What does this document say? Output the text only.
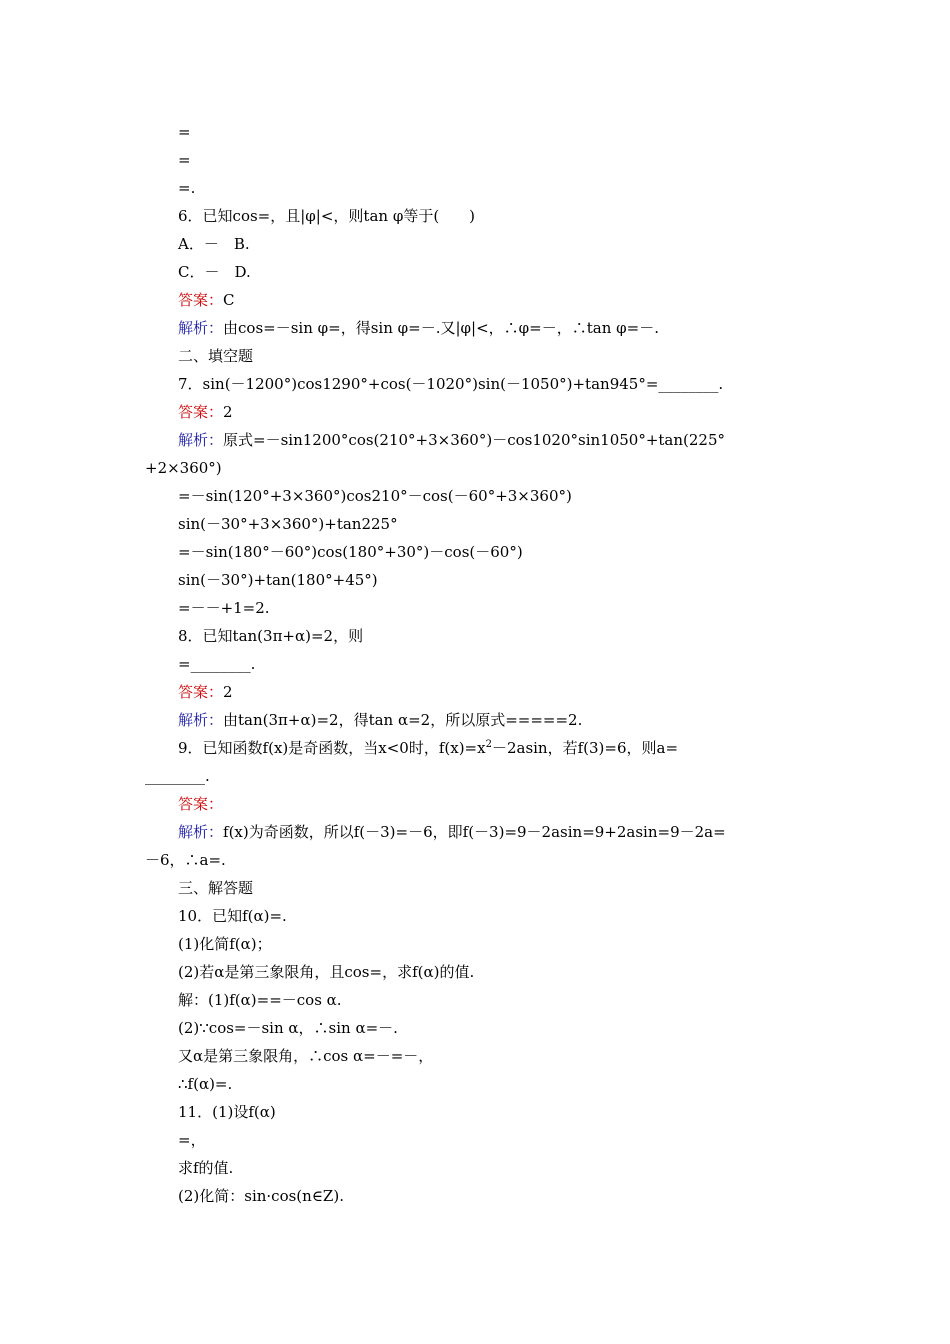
=
=
=.
6．已知cos=，且|φ|<，则tan φ等于(　　)
A．－　B.
C．－　D.
答案：C
解析：由cos=－sin φ=，得sin φ=－.又|φ|<，∴φ=－，∴tan φ=－.
二、填空题
7．sin(－1200°)cos1290°+cos(－1020°)sin(－1050°)+tan945°=________.
答案：2
解析：原式=－sin1200°cos(210°+3×360°)－cos1020°sin1050°+tan(225°
+2×360°)
=－sin(120°+3×360°)cos210°－cos(－60°+3×360°)
sin(－30°+3×360°)+tan225°
=－sin(180°－60°)cos(180°+30°)－cos(－60°)
sin(－30°)+tan(180°+45°)
=－－+1=2.
8．已知tan(3π+α)=2，则
=________.
答案：2
解析：由tan(3π+α)=2，得tan α=2，所以原式=====2.
9．已知函数f(x)是奇函数，当x<0时，$f(x)=x^2-2asin$，若f(3)=6，则a=
________.
答案：
解析：f(x)为奇函数，所以f(－3)=－6，即f(－3)=9－2asin=9+2asin=9－2a=
－6，∴a=.
三、解答题
10．已知f(α)=.
(1)化简f(α)；
(2)若α是第三象限角，且cos=，求f(α)的值.
解：(1)f(α)==－cos α.
(2)∵cos=－sin α，∴sin α=－.
又α是第三象限角，∴cos α=－=－，
∴f(α)=.
11．(1)设f(α)
=，
求f的值.
(2)化简：sin·cos(n∈Z).
